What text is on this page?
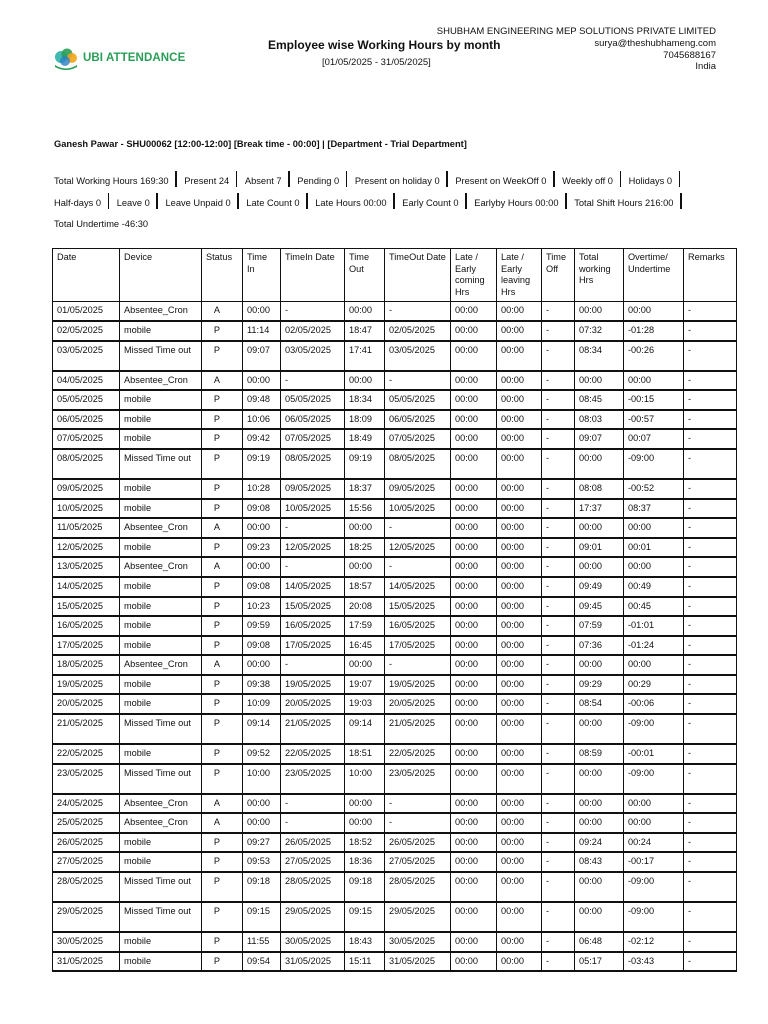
UBI ATTENDANCE
Employee wise Working Hours by month
[01/05/2025 - 31/05/2025]
SHUBHAM ENGINEERING MEP SOLUTIONS PRIVATE LIMITED
surya@theshubhameng.com
7045688167
India
Ganesh Pawar - SHU00062 [12:00-12:00] [Break time - 00:00] | [Department - Trial Department]
Total Working Hours 169:30 Present 24 Absent 7 Pending 0 Present on holiday 0 Present on WeekOff 0 Weekly off 0 Holidays 0  Half-days 0 Leave 0 Leave Unpaid 0 Late Count 0 Late Hours 00:00 Early Count 0 Earlyby Hours 00:00 Total Shift Hours 216:00  Total Undertime -46:30
Date	Device	Status	Time In	TimeIn Date	Time Out	TimeOut Date	Late / Early coming Hrs	Late / Early leaving Hrs	Time Off	Total working Hrs	Overtime/ Undertime	Remarks
01/05/2025	Absentee_Cron	A	00:00	-	00:00	-	00:00	00:00	-	00:00	00:00	-
02/05/2025	mobile	P	11:14	02/05/2025	18:47	02/05/2025	00:00	00:00	-	07:32	-01:28	-
03/05/2025	Missed Time out	P	09:07	03/05/2025	17:41	03/05/2025	00:00	00:00	-	08:34	-00:26	-
04/05/2025	Absentee_Cron	A	00:00	-	00:00	-	00:00	00:00	-	00:00	00:00	-
05/05/2025	mobile	P	09:48	05/05/2025	18:34	05/05/2025	00:00	00:00	-	08:45	-00:15	-
06/05/2025	mobile	P	10:06	06/05/2025	18:09	06/05/2025	00:00	00:00	-	08:03	-00:57	-
07/05/2025	mobile	P	09:42	07/05/2025	18:49	07/05/2025	00:00	00:00	-	09:07	00:07	-
08/05/2025	Missed Time out	P	09:19	08/05/2025	09:19	08/05/2025	00:00	00:00	-	00:00	-09:00	-
09/05/2025	mobile	P	10:28	09/05/2025	18:37	09/05/2025	00:00	00:00	-	08:08	-00:52	-
10/05/2025	mobile	P	09:08	10/05/2025	15:56	10/05/2025	00:00	00:00	-	17:37	08:37	-
11/05/2025	Absentee_Cron	A	00:00	-	00:00	-	00:00	00:00	-	00:00	00:00	-
12/05/2025	mobile	P	09:23	12/05/2025	18:25	12/05/2025	00:00	00:00	-	09:01	00:01	-
13/05/2025	Absentee_Cron	A	00:00	-	00:00	-	00:00	00:00	-	00:00	00:00	-
14/05/2025	mobile	P	09:08	14/05/2025	18:57	14/05/2025	00:00	00:00	-	09:49	00:49	-
15/05/2025	mobile	P	10:23	15/05/2025	20:08	15/05/2025	00:00	00:00	-	09:45	00:45	-
16/05/2025	mobile	P	09:59	16/05/2025	17:59	16/05/2025	00:00	00:00	-	07:59	-01:01	-
17/05/2025	mobile	P	09:08	17/05/2025	16:45	17/05/2025	00:00	00:00	-	07:36	-01:24	-
18/05/2025	Absentee_Cron	A	00:00	-	00:00	-	00:00	00:00	-	00:00	00:00	-
19/05/2025	mobile	P	09:38	19/05/2025	19:07	19/05/2025	00:00	00:00	-	09:29	00:29	-
20/05/2025	mobile	P	10:09	20/05/2025	19:03	20/05/2025	00:00	00:00	-	08:54	-00:06	-
21/05/2025	Missed Time out	P	09:14	21/05/2025	09:14	21/05/2025	00:00	00:00	-	00:00	-09:00	-
22/05/2025	mobile	P	09:52	22/05/2025	18:51	22/05/2025	00:00	00:00	-	08:59	-00:01	-
23/05/2025	Missed Time out	P	10:00	23/05/2025	10:00	23/05/2025	00:00	00:00	-	00:00	-09:00	-
24/05/2025	Absentee_Cron	A	00:00	-	00:00	-	00:00	00:00	-	00:00	00:00	-
25/05/2025	Absentee_Cron	A	00:00	-	00:00	-	00:00	00:00	-	00:00	00:00	-
26/05/2025	mobile	P	09:27	26/05/2025	18:52	26/05/2025	00:00	00:00	-	09:24	00:24	-
27/05/2025	mobile	P	09:53	27/05/2025	18:36	27/05/2025	00:00	00:00	-	08:43	-00:17	-
28/05/2025	Missed Time out	P	09:18	28/05/2025	09:18	28/05/2025	00:00	00:00	-	00:00	-09:00	-
29/05/2025	Missed Time out	P	09:15	29/05/2025	09:15	29/05/2025	00:00	00:00	-	00:00	-09:00	-
30/05/2025	mobile	P	11:55	30/05/2025	18:43	30/05/2025	00:00	00:00	-	06:48	-02:12	-
31/05/2025	mobile	P	09:54	31/05/2025	15:11	31/05/2025	00:00	00:00	-	05:17	-03:43	-
